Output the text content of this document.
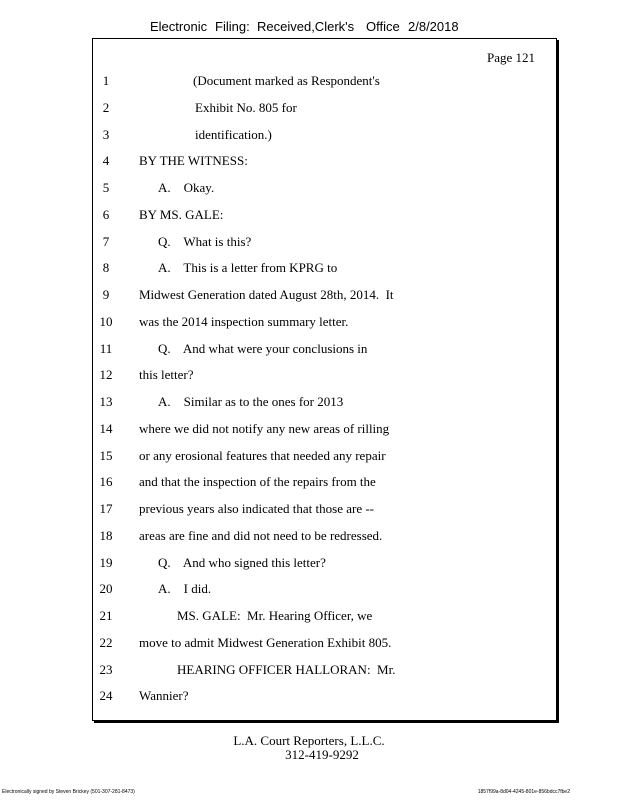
Electronic Filing: Received,Clerk's Office 2/8/2018
Page 121
1	(Document marked as Respondent's
2	Exhibit No. 805 for
3	identification.)
4	BY THE WITNESS:
5	A.    Okay.
6	BY MS. GALE:
7	Q.    What is this?
8	A.    This is a letter from KPRG to
9	Midwest Generation dated August 28th, 2014.  It
10 was the 2014 inspection summary letter.
11	Q.    And what were your conclusions in
12 this letter?
13	A.    Similar as to the ones for 2013
14 where we did not notify any new areas of rilling
15 or any erosional features that needed any repair
16 and that the inspection of the repairs from the
17 previous years also indicated that those are --
18 areas are fine and did not need to be redressed.
19	Q.    And who signed this letter?
20	A.    I did.
21	MS. GALE:  Mr. Hearing Officer, we
22 move to admit Midwest Generation Exhibit 805.
23	HEARING OFFICER HALLORAN:  Mr.
24 Wannier?
L.A. Court Reporters, L.L.C.
312-419-9292
Electronically signed by Steven Brickey (501-307-281-8473)	1857f99a-8d04-4245-801e-856bdcc7fbe2
